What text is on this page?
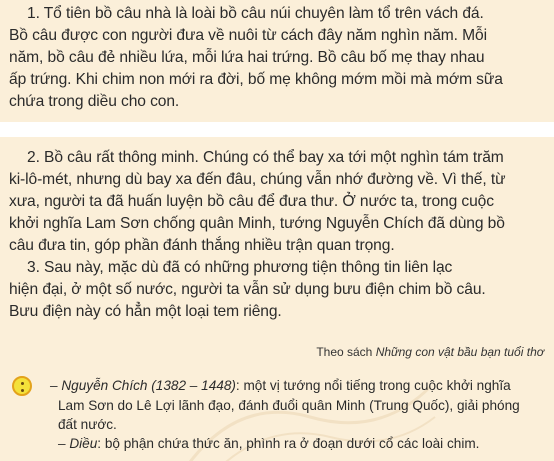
1. Tổ tiên bồ câu nhà là loài bồ câu núi chuyên làm tổ trên vách đá.
Bồ câu được con người đưa về nuôi từ cách đây năm nghìn năm. Mỗi
năm, bồ câu đẻ nhiều lứa, mỗi lứa hai trứng. Bồ câu bố mẹ thay nhau
ấp trứng. Khi chim non mới ra đời, bố mẹ không mớm mồi mà mớm sữa
chứa trong diều cho con.
2. Bồ câu rất thông minh. Chúng có thể bay xa tới một nghìn tám trăm
ki-lô-mét, nhưng dù bay xa đến đâu, chúng vẫn nhớ đường về. Vì thế, từ
xưa, người ta đã huấn luyện bồ câu để đưa thư. Ở nước ta, trong cuộc
khởi nghĩa Lam Sơn chống quân Minh, tướng Nguyễn Chích đã dùng bồ
câu đưa tin, góp phần đánh thắng nhiều trận quan trọng.
3. Sau này, mặc dù đã có những phương tiện thông tin liên lạc
hiện đại, ở một số nước, người ta vẫn sử dụng bưu điện chim bồ câu.
Bưu điện này có hẳn một loại tem riêng.
Theo sách Những con vật bầu bạn tuổi thơ
– Nguyễn Chích (1382 – 1448): một vị tướng nổi tiếng trong cuộc khởi nghĩa
Lam Sơn do Lê Lợi lãnh đạo, đánh đuổi quân Minh (Trung Quốc), giải phóng
đất nước.
– Diều: bộ phận chứa thức ăn, phình ra ở đoạn dưới cổ các loài chim.
